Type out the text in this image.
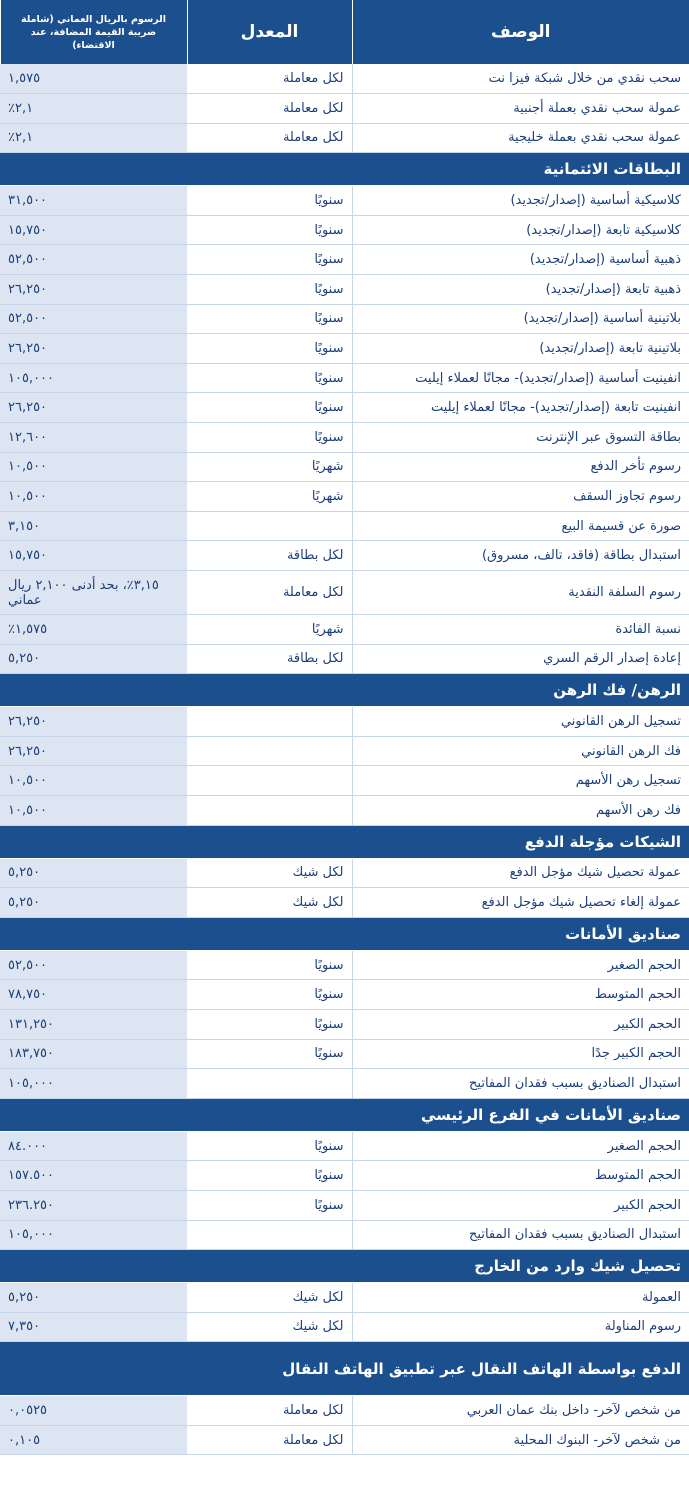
الوصف	المعدل	الرسوم بالريال العماني (شاملة ضريبة القيمة المضافة، عند الاقتضاء)
سحب نقدي من خلال شبكة فيزا نت	لكل معاملة	١,٥٧٥
عمولة سحب نقدي بعملة أجنبية	لكل معاملة	٢,١٪
عمولة سحب نقدي بعملة خليجية	لكل معاملة	٢,١٪
البطاقات الائتمانية		
كلاسيكية أساسية (إصدار/تجديد)	سنويًا	٣١,٥٠٠
كلاسيكية تابعة (إصدار/تجديد)	سنويًا	١٥,٧٥٠
ذهبية أساسية (إصدار/تجديد)	سنويًا	٥٢,٥٠٠
ذهبية تابعة (إصدار/تجديد)	سنويًا	٢٦,٢٥٠
بلاتينية أساسية (إصدار/تجديد)	سنويًا	٥٢,٥٠٠
بلاتينية تابعة (إصدار/تجديد)	سنويًا	٢٦,٢٥٠
انفينيت أساسية (إصدار/تجديد)- مجانًا لعملاء إيليت	سنويًا	١٠٥,٠٠٠
انفينيت تابعة (إصدار/تجديد)- مجانًا لعملاء إيليت	سنويًا	٢٦,٢٥٠
بطاقة التسوق عبر الإنترنت	سنويًا	١٢,٦٠٠
رسوم تأخر الدفع	شهريًا	١٠,٥٠٠
رسوم تجاوز السقف	شهريًا	١٠,٥٠٠
صورة عن قسيمة البيع		٣,١٥٠
استبدال بطاقة (فاقد، تالف، مسروق)	لكل بطاقة	١٥,٧٥٠
رسوم السلفة النقدية	لكل معاملة	٣,١٥٪، بحد أدنى ٢,١٠٠ ريال عماني
نسبة الفائدة	شهريًا	١,٥٧٥٪
إعادة إصدار الرقم السري	لكل بطاقة	٥,٢٥٠
الرهن/ فك الرهن		
تسجيل الرهن القانوني		٢٦,٢٥٠
فك الرهن القانوني		٢٦,٢٥٠
تسجيل رهن الأسهم		١٠,٥٠٠
فك رهن الأسهم		١٠,٥٠٠
الشيكات مؤجلة الدفع		
عمولة تحصيل شيك مؤجل الدفع	لكل شيك	٥,٢٥٠
عمولة إلغاء تحصيل شيك مؤجل الدفع	لكل شيك	٥,٢٥٠
صناديق الأمانات		
الحجم الصغير	سنويًا	٥٢,٥٠٠
الحجم المتوسط	سنويًا	٧٨,٧٥٠
الحجم الكبير	سنويًا	١٣١,٢٥٠
الحجم الكبير جدًا	سنويًا	١٨٣,٧٥٠
استبدال الصناديق بسبب فقدان المفاتيح		١٠٥,٠٠٠
صناديق الأمانات في الفرع الرئيسي		
الحجم الصغير	سنويًا	٨٤.٠٠٠
الحجم المتوسط	سنويًا	١٥٧.٥٠٠
الحجم الكبير	سنويًا	٢٣٦.٢٥٠
استبدال الصناديق بسبب فقدان المفاتيح		١٠٥,٠٠٠
تحصيل شيك وارد من الخارج		
العمولة	لكل شيك	٥,٢٥٠
رسوم المناولة	لكل شيك	٧,٣٥٠
الدفع بواسطة الهاتف النقال عبر تطبيق الهاتف النقال		
من شخص لآخر- داخل بنك عمان العربي	لكل معاملة	٠,٠٥٢٥
من شخص لآخر- البنوك المحلية	لكل معاملة	٠,١٠٥
